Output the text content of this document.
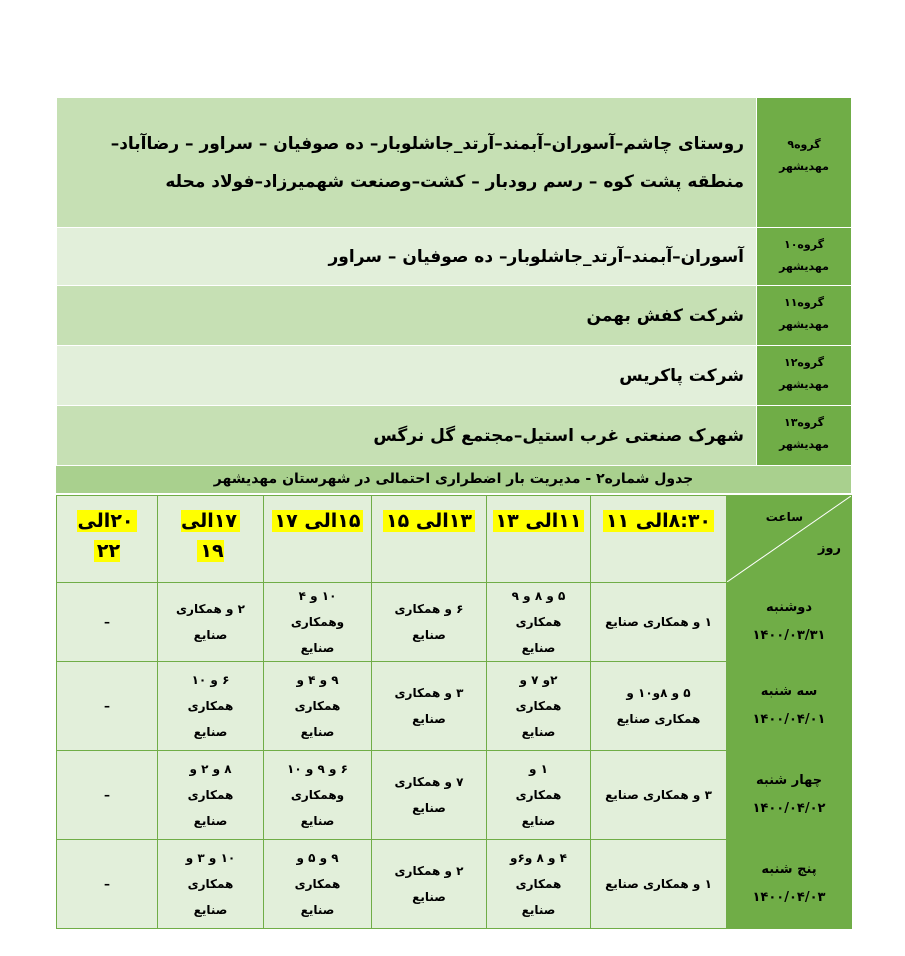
گروه۹
مهدیشهر	روستای چاشم–آسوران–آبمند–آرتد_جاشلوبار– ده صوفیان – سراور – رضاآباد– منطقه پشت کوه – رسم رودبار – کشت–وصنعت شهمیرزاد–فولاد محله

گروه۱۰
مهدیشهر	آسوران–آبمند–آرتد_جاشلوبار– ده صوفیان – سراور

گروه۱۱
مهدیشهر	شرکت کفش بهمن

گروه۱۲
مهدیشهر	شرکت پاکریس

گروه۱۳
مهدیشهر	شهرک صنعتی غرب استیل–مجتمع گل نرگس
جدول شماره۲ - مدیریت بار اضطراری احتمالی در شهرستان مهدیشهر
ساعت
روز	۸:۳۰الی ۱۱	۱۱الی ۱۳	۱۳الی ۱۵	۱۵الی ۱۷	۱۷الی ۱۹	۲۰الی ۲۲

دوشنبه
۱۴۰۰/۰۳/۳۱	۱ و همکاری صنایع	۵ و ۸ و ۹ همکاری صنایع	۶ و همکاری صنایع	۱۰ و ۴ وهمکاری صنایع	۲ و همکاری صنایع	–

سه شنبه
۱۴۰۰/۰۴/۰۱	۵ و ۸و۱۰ و همکاری صنایع	۲و ۷ و همکاری صنایع	۳ و همکاری صنایع	۹ و ۴ و همکاری صنایع	۶ و ۱۰ همکاری صنایع	–

چهار شنبه
۱۴۰۰/۰۴/۰۲	۳ و همکاری صنایع	۱ و همکاری صنایع	۷ و همکاری صنایع	۶ و ۹ و ۱۰ وهمکاری صنایع	۸ و ۲ و همکاری صنایع	–

پنج شنبه
۱۴۰۰/۰۴/۰۳	۱ و همکاری صنایع	۴ و ۸ و۶و همکاری صنایع	۲ و همکاری صنایع	۹ و ۵ و همکاری صنایع	۱۰ و ۳ و همکاری صنایع	–
